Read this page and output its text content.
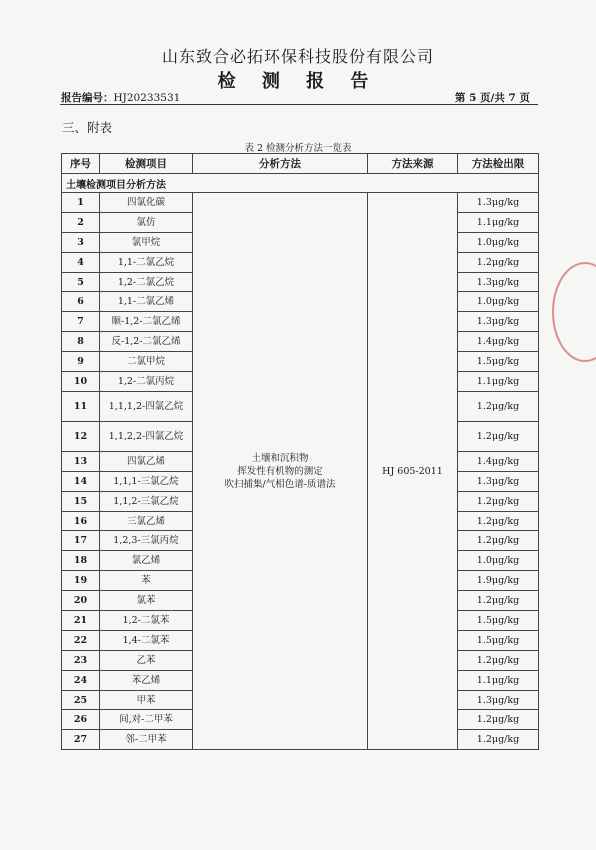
山东致合必拓环保科技股份有限公司
检 测 报 告
报告编号：HJ20233531	第 5 页/共 7 页
三、附表
表 2 检测分析方法一览表
序号	检测项目	分析方法	方法来源	方法检出限
土壤检测项目分析方法				
1	四氯化碳	土壤和沉积物
挥发性有机物的测定
吹扫捕集/气相色谱-质谱法	HJ 605-2011	1.3μg/kg
2	氯仿			1.1μg/kg
3	氯甲烷			1.0μg/kg
4	1,1-二氯乙烷			1.2μg/kg
5	1,2-二氯乙烷			1.3μg/kg
6	1,1-二氯乙烯			1.0μg/kg
7	顺-1,2-二氯乙烯			1.3μg/kg
8	反-1,2-二氯乙烯			1.4μg/kg
9	二氯甲烷			1.5μg/kg
10	1,2-二氯丙烷			1.1μg/kg
11	1,1,1,2-四氯乙烷			1.2μg/kg
12	1,1,2,2-四氯乙烷			1.2μg/kg
13	四氯乙烯			1.4μg/kg
14	1,1,1-三氯乙烷			1.3μg/kg
15	1,1,2-三氯乙烷			1.2μg/kg
16	三氯乙烯			1.2μg/kg
17	1,2,3-三氯丙烷			1.2μg/kg
18	氯乙烯			1.0μg/kg
19	苯			1.9μg/kg
20	氯苯			1.2μg/kg
21	1,2-二氯苯			1.5μg/kg
22	1,4-二氯苯			1.5μg/kg
23	乙苯			1.2μg/kg
24	苯乙烯			1.1μg/kg
25	甲苯			1.3μg/kg
26	间,对-二甲苯			1.2μg/kg
27	邻-二甲苯			1.2μg/kg
